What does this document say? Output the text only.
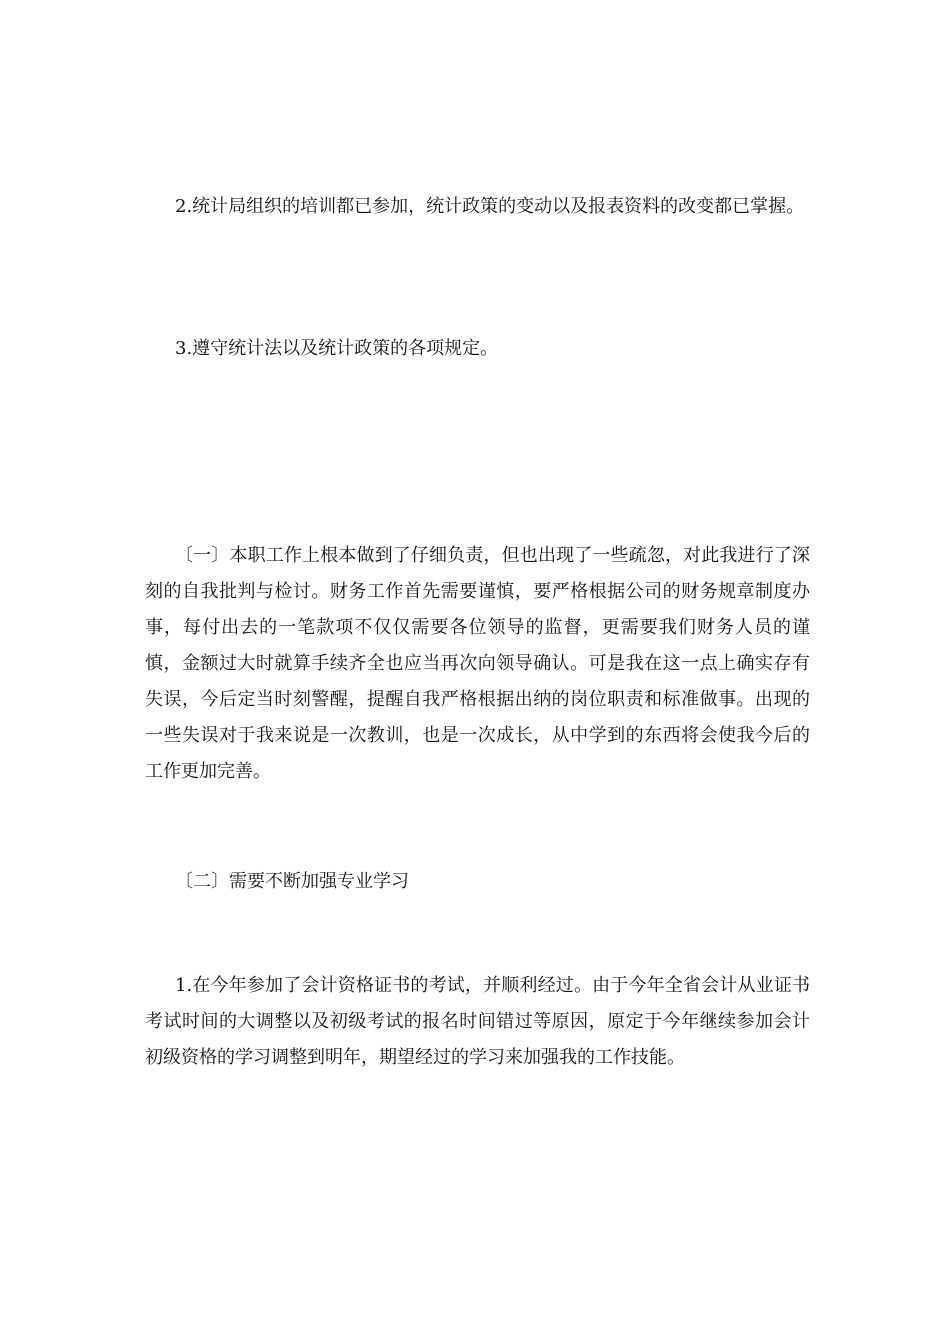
2.统计局组织的培训都已参加，统计政策的变动以及报表资料的改变都已掌握。

3.遵守统计法以及统计政策的各项规定。

〔一〕本职工作上根本做到了仔细负责，但也出现了一些疏忽，对此我进行了深刻的自我批判与检讨。财务工作首先需要谨慎，要严格根据公司的财务规章制度办事，每付出去的一笔款项不仅仅需要各位领导的监督，更需要我们财务人员的谨慎，金额过大时就算手续齐全也应当再次向领导确认。可是我在这一点上确实存有失误，今后定当时刻警醒，提醒自我严格根据出纳的岗位职责和标准做事。出现的一些失误对于我来说是一次教训，也是一次成长，从中学到的东西将会使我今后的工作更加完善。

〔二〕需要不断加强专业学习

1.在今年参加了会计资格证书的考试，并顺利经过。由于今年全省会计从业证书考试时间的大调整以及初级考试的报名时间错过等原因，原定于今年继续参加会计初级资格的学习调整到明年，期望经过的学习来加强我的工作技能。
